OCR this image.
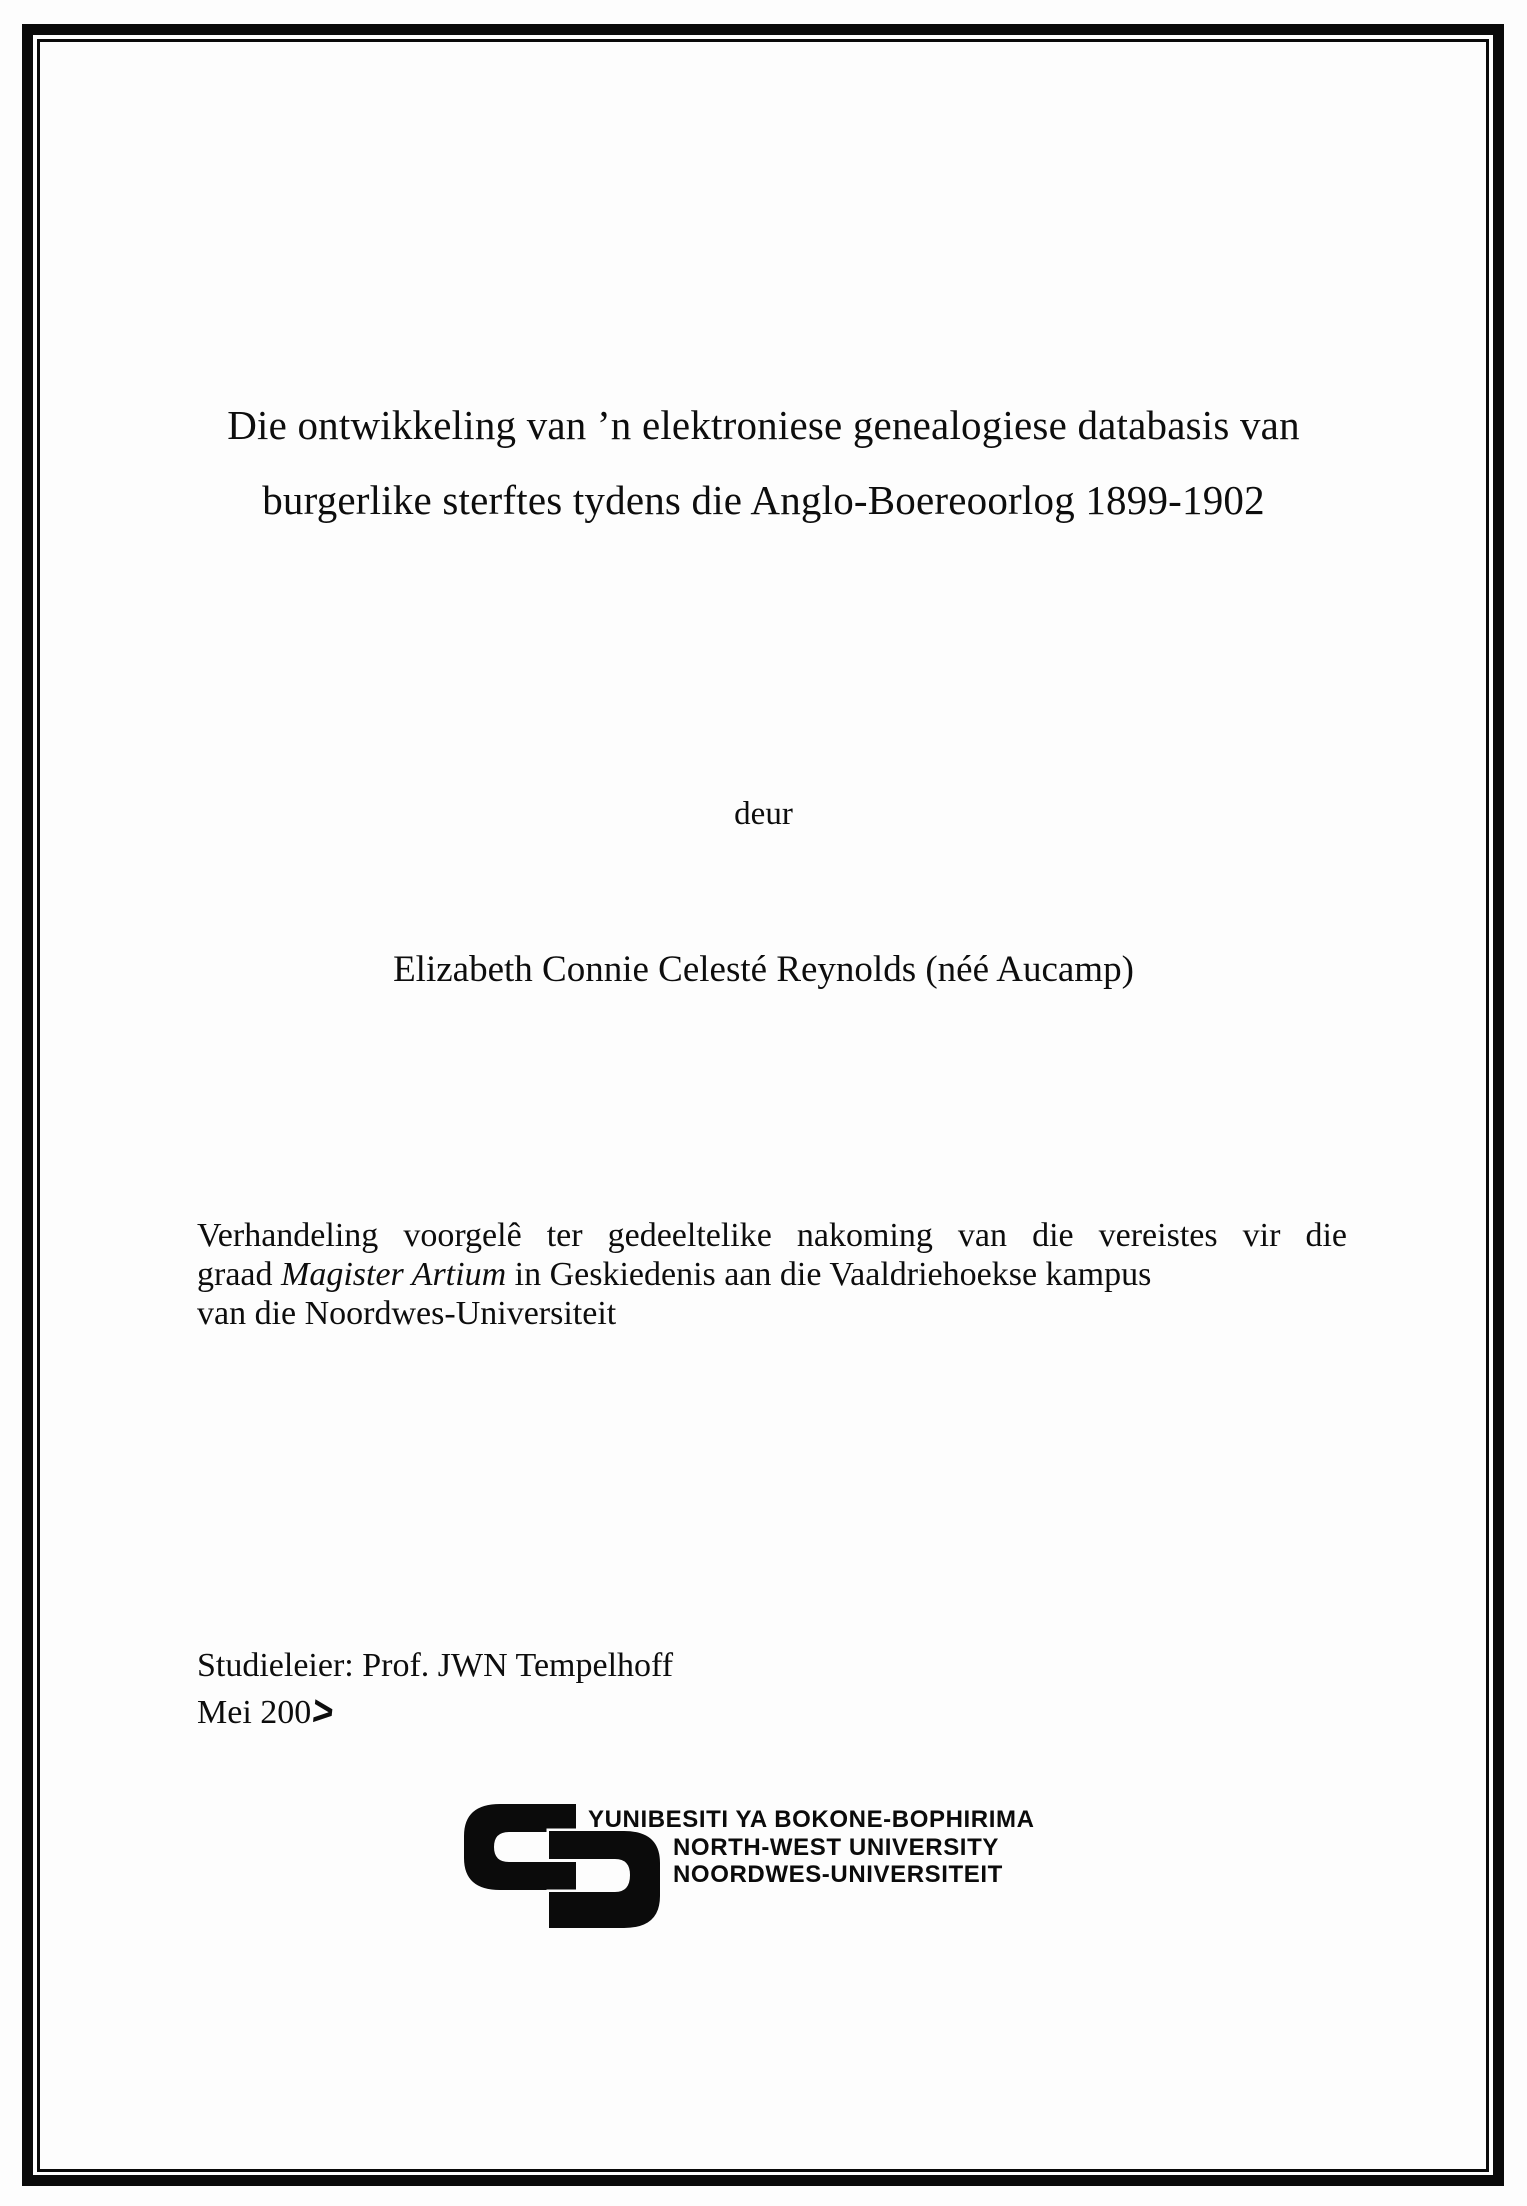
Die ontwikkeling van ’n elektroniese genealogiese databasis van
burgerlike sterftes tydens die Anglo-Boereoorlog 1899-1902
deur
Elizabeth Connie Celesté Reynolds (néé Aucamp)
Verhandeling voorgelê ter gedeeltelike nakoming van die vereistes vir die
graad Magister Artium in Geskiedenis aan die Vaaldriehoekse kampus
van die Noordwes-Universiteit
Studieleier: Prof. JWN Tempelhoff
Mei 200>
YUNIBESITI YA BOKONE-BOPHIRIMA
NORTH-WEST UNIVERSITY
NOORDWES-UNIVERSITEIT
